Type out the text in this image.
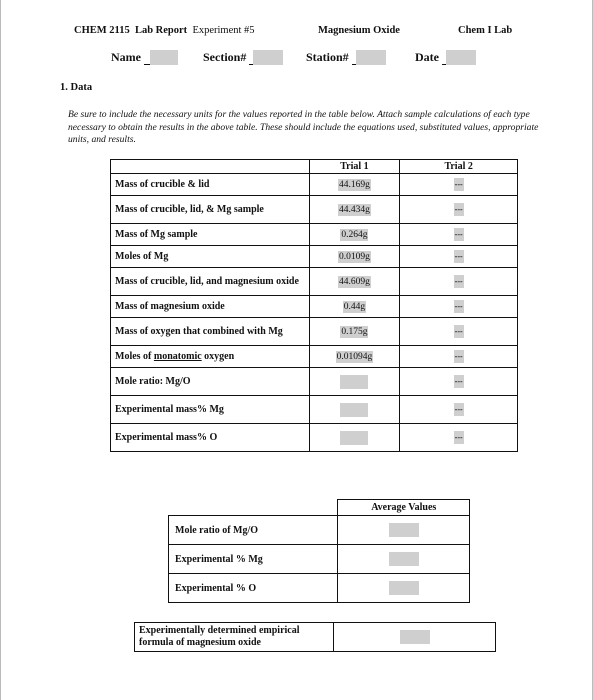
CHEM 2115 Lab Report Experiment #5	Magnesium Oxide	Chem I Lab
Name	Section#	Station#	Date
1. Data
Be sure to include the necessary units for the values reported in the table below. Attach sample calculations of each type necessary to obtain the results in the above table. These should include the equations used, substituted values, appropriate units, and results.
	Trial 1	Trial 2
Mass of crucible & lid	44.169g	---
Mass of crucible, lid, & Mg sample	44.434g	---
Mass of Mg sample	0.264g	---
Moles of Mg	0.0109g	---
Mass of crucible, lid, and magnesium oxide	44.609g	---
Mass of magnesium oxide	0.44g	---
Mass of oxygen that combined with Mg	0.175g	---
Moles of monatomic oxygen	0.01094g	---
Mole ratio: Mg/O		---
Experimental mass% Mg		---
Experimental mass% O		---
	Average Values
Mole ratio of Mg/O	
Experimental % Mg	
Experimental % O	
Experimentally determined empirical formula of magnesium oxide	
